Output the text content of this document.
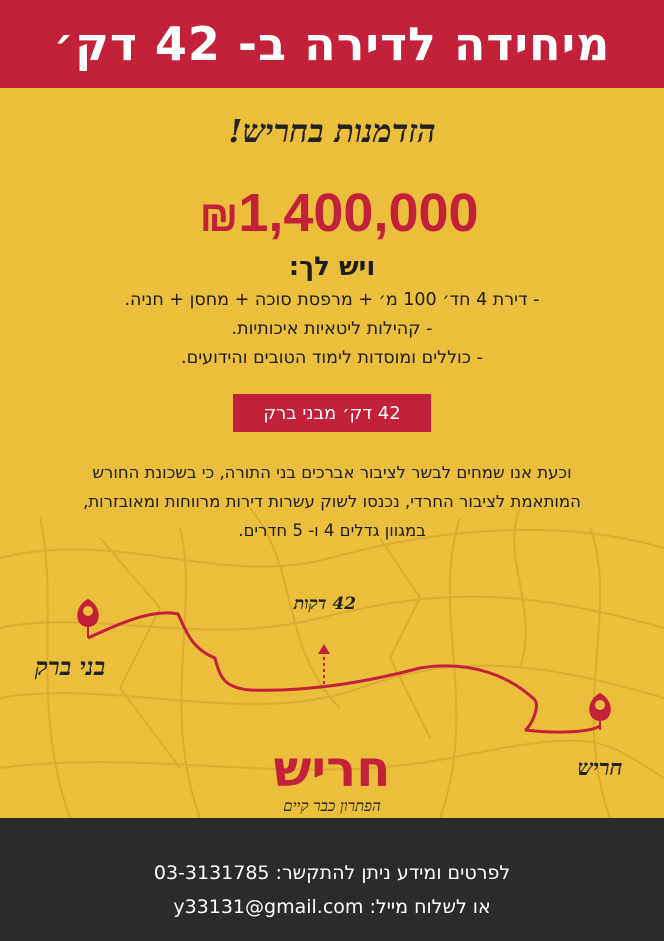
מיחידה לדירה ב- 42 דק׳
הזדמנות בחריש!
₪1,400,000
ויש לך:
- דירת 4 חד׳ 100 מ׳ + מרפסת סוכה + מחסן + חניה.
- קהילות ליטאיות איכותיות.
- כוללים ומוסדות לימוד הטובים והידועים.
42 דק׳ מבני ברק
וכעת אנו שמחים לבשר לציבור אברכים בני התורה, כי בשכונת החורש
המותאמת לציבור החרדי, נכנסו לשוק עשרות דירות מרווחות ומאובזרות,
במגוון גדלים 4 ו- 5 חדרים.
42 דקות
בני ברק
חריש
חריש
הפתרון כבר קיים
לפרטים ומידע ניתן להתקשר: 03-3131785
או לשלוח מייל: y33131@gmail.com
